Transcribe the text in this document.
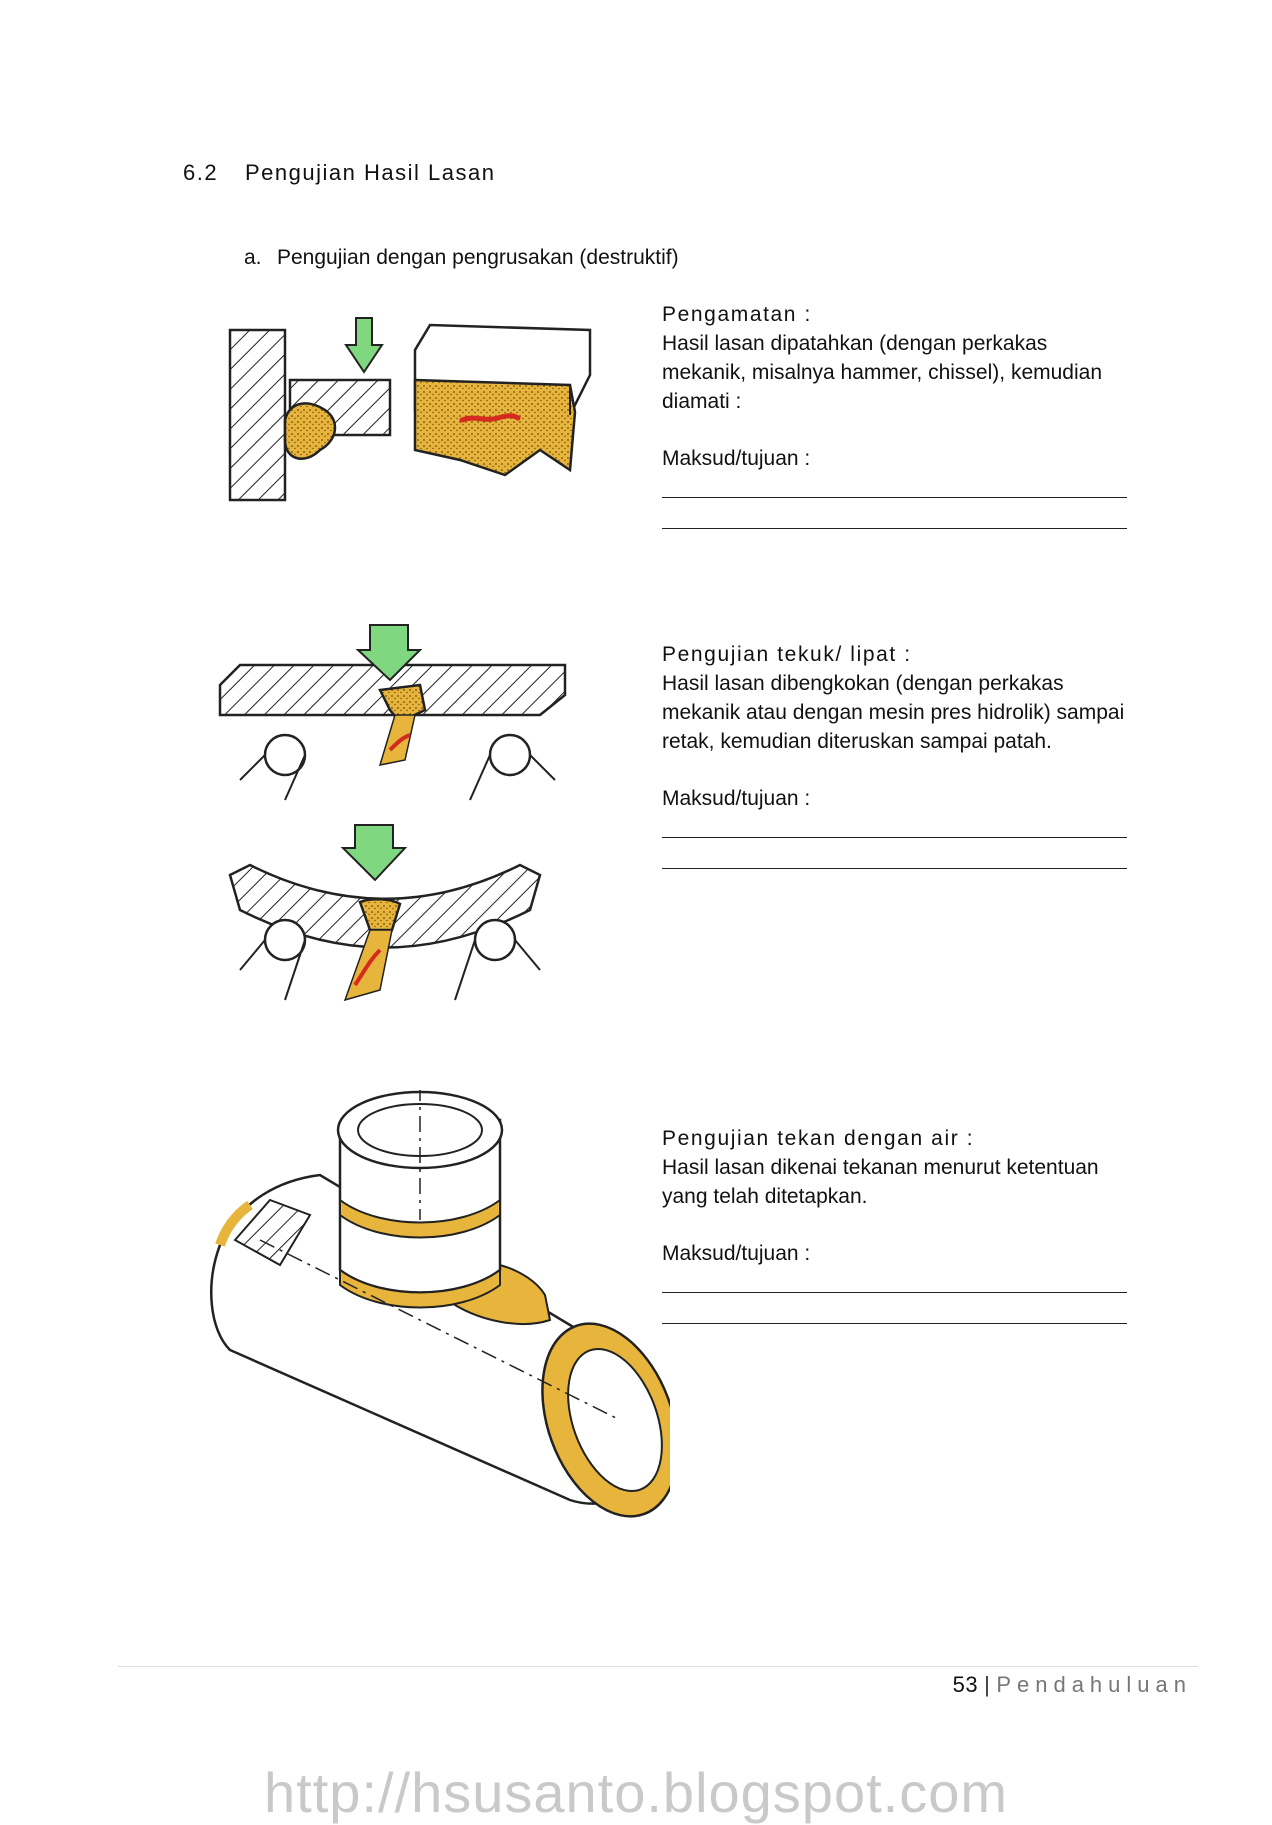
6.2 Pengujian Hasil Lasan
a. Pengujian dengan pengrusakan (destruktif)
Pengamatan :

Hasil lasan dipatahkan (dengan perkakas mekanik, misalnya hammer, chissel), kemudian diamati :

Maksud/tujuan :
Pengujian tekuk/ lipat :

Hasil lasan dibengkokan (dengan perkakas mekanik atau dengan mesin pres hidrolik) sampai retak, kemudian diteruskan sampai patah.

Maksud/tujuan :
Pengujian tekan dengan air :

Hasil lasan dikenai tekanan menurut ketentuan yang telah ditetapkan.

Maksud/tujuan :
53 | Pendahuluan
http://hsusanto.blogspot.com
